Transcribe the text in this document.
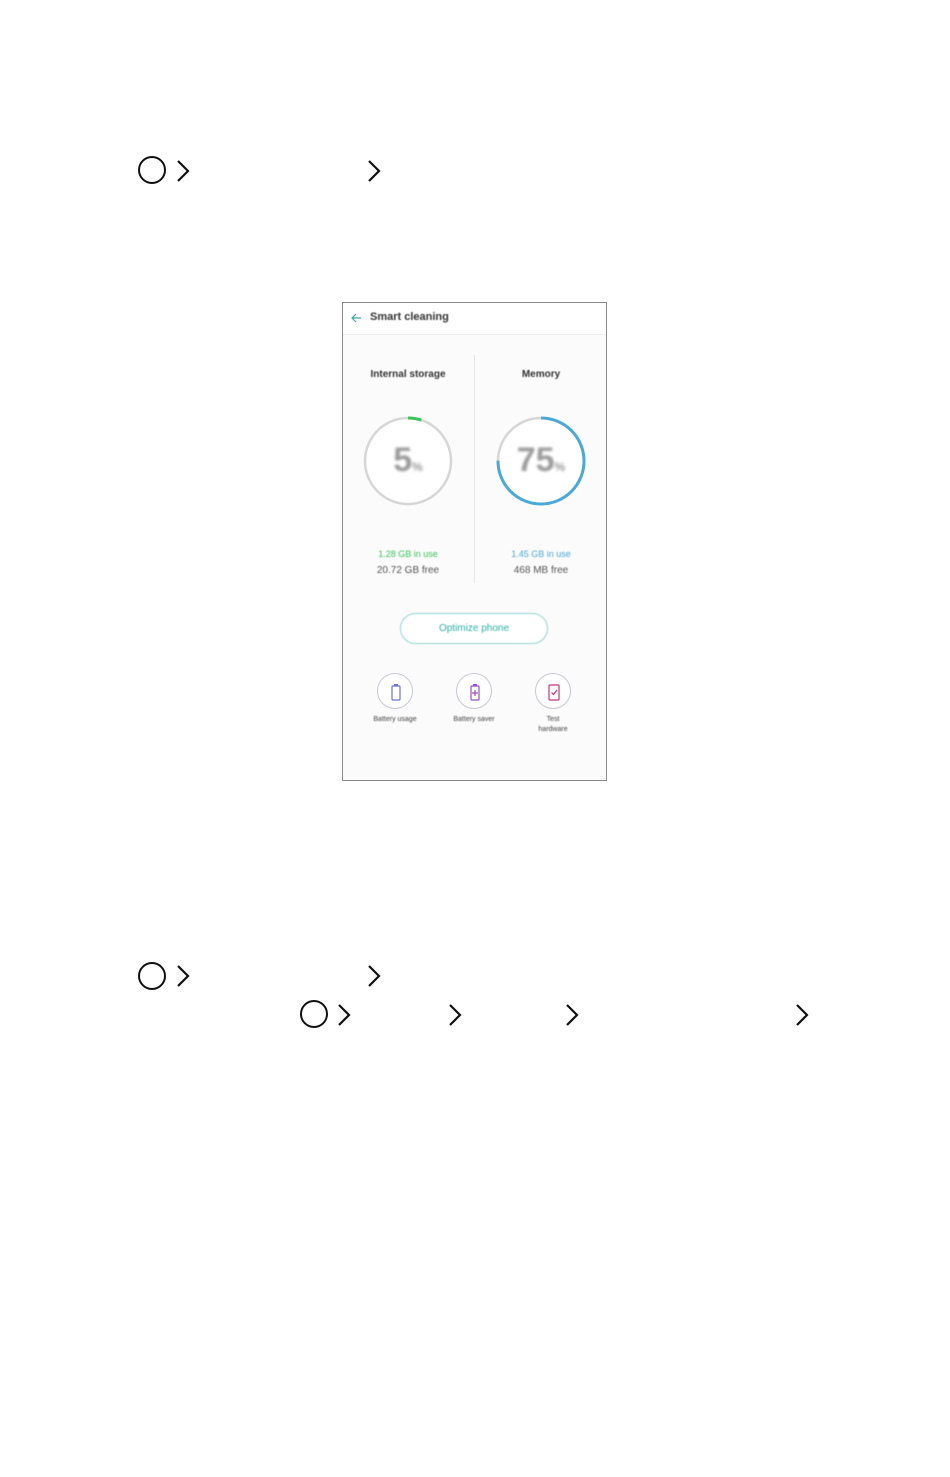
Smart cleaning
Internal storage
5%
1.28 GB in use
20.72 GB free
Memory
75%
1.45 GB in use
468 MB free
Optimize phone
Battery usage	Battery saver	Test hardware
